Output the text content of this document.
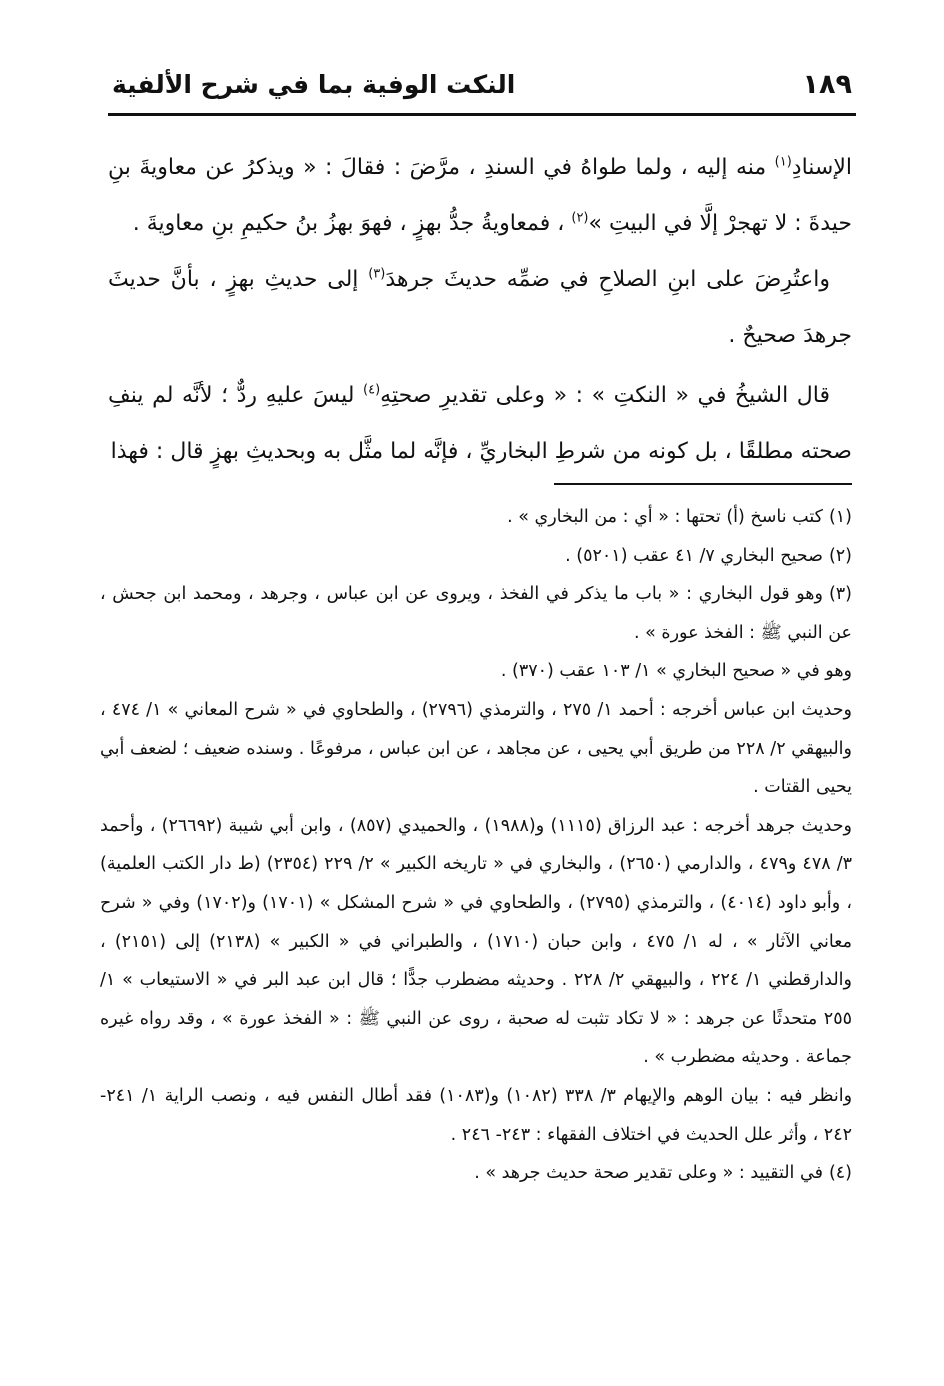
النكت الوفية بما في شرح الألفية	١٨٩

الإسنادِ$^{(١)}$ منه إليه ، ولما طواهُ في السندِ ، مرَّضَ : فقالَ : « ويذكرُ عن معاويةَ بنِ حيدةَ : لا تهجرْ إلَّا في البيتِ »$^{(٢)}$ ، فمعاويةُ جدُّ بهزٍ ، فهوَ بهزُ بنُ حكيمِ بنِ معاويةَ .

 واعتُرِضَ على ابنِ الصلاحِ في ضمِّه حديثَ جرهدَ$^{(٣)}$ إلى حديثِ بهزٍ ، بأنَّ حديثَ جرهدَ صحيحٌ .

 قال الشيخُ في « النكتِ » : « وعلى تقديرِ صحتِهِ$^{(٤)}$ ليسَ عليهِ ردٌّ ؛ لأنَّه لم ينفِ صحته مطلقًا ، بل كونه من شرطِ البخاريِّ ، فإنَّه لما مثَّل به وبحديثِ بهزٍ قال : فهذا

(١)كتب ناسخ (أ) تحتها : « أي : من البخاري » .

(٢)صحيح البخاري ٧/ ٤١ عقب (٥٢٠١) .

(٣)وهو قول البخاري : « باب ما يذكر في الفخذ ، ويروى عن ابن عباس ، وجرهد ، ومحمد ابن جحش ، عن النبي ﷺ : الفخذ عورة » .

وهو في « صحيح البخاري » ١/ ١٠٣ عقب (٣٧٠) .

وحديث ابن عباس أخرجه : أحمد ١/ ٢٧٥ ، والترمذي (٢٧٩٦) ، والطحاوي في « شرح المعاني » ١/ ٤٧٤ ، والبيهقي ٢/ ٢٢٨ من طريق أبي يحيى ، عن مجاهد ، عن ابن عباس ، مرفوعًا . وسنده ضعيف ؛ لضعف أبي يحيى القتات .

وحديث جرهد أخرجه : عبد الرزاق (١١١٥) و(١٩٨٨) ، والحميدي (٨٥٧) ، وابن أبي شيبة (٢٦٦٩٢) ، وأحمد ٣/ ٤٧٨ و٤٧٩ ، والدارمي (٢٦٥٠) ، والبخاري في « تاريخه الكبير » ٢/ ٢٢٩ (٢٣٥٤) (ط دار الكتب العلمية) ، وأبو داود (٤٠١٤) ، والترمذي (٢٧٩٥) ، والطحاوي في « شرح المشكل » (١٧٠١) و(١٧٠٢) وفي « شرح معاني الآثار » ، له ١/ ٤٧٥ ، وابن حبان (١٧١٠) ، والطبراني في « الكبير » (٢١٣٨) إلى (٢١٥١) ، والدارقطني ١/ ٢٢٤ ، والبيهقي ٢/ ٢٢٨ . وحديثه مضطرب جدًّا ؛ قال ابن عبد البر في « الاستيعاب » ١/ ٢٥٥ متحدثًا عن جرهد : « لا تكاد تثبت له صحبة ، روى عن النبي ﷺ : « الفخذ عورة » ، وقد رواه غيره جماعة . وحديثه مضطرب » .

وانظر فيه : بيان الوهم والإيهام ٣/ ٣٣٨ (١٠٨٢) و(١٠٨٣) فقد أطال النفس فيه ، ونصب الراية ١/ ٢٤١- ٢٤٢ ، وأثر علل الحديث في اختلاف الفقهاء : ٢٤٣- ٢٤٦ .

(٤)في التقييد : « وعلى تقدير صحة حديث جرهد » .
